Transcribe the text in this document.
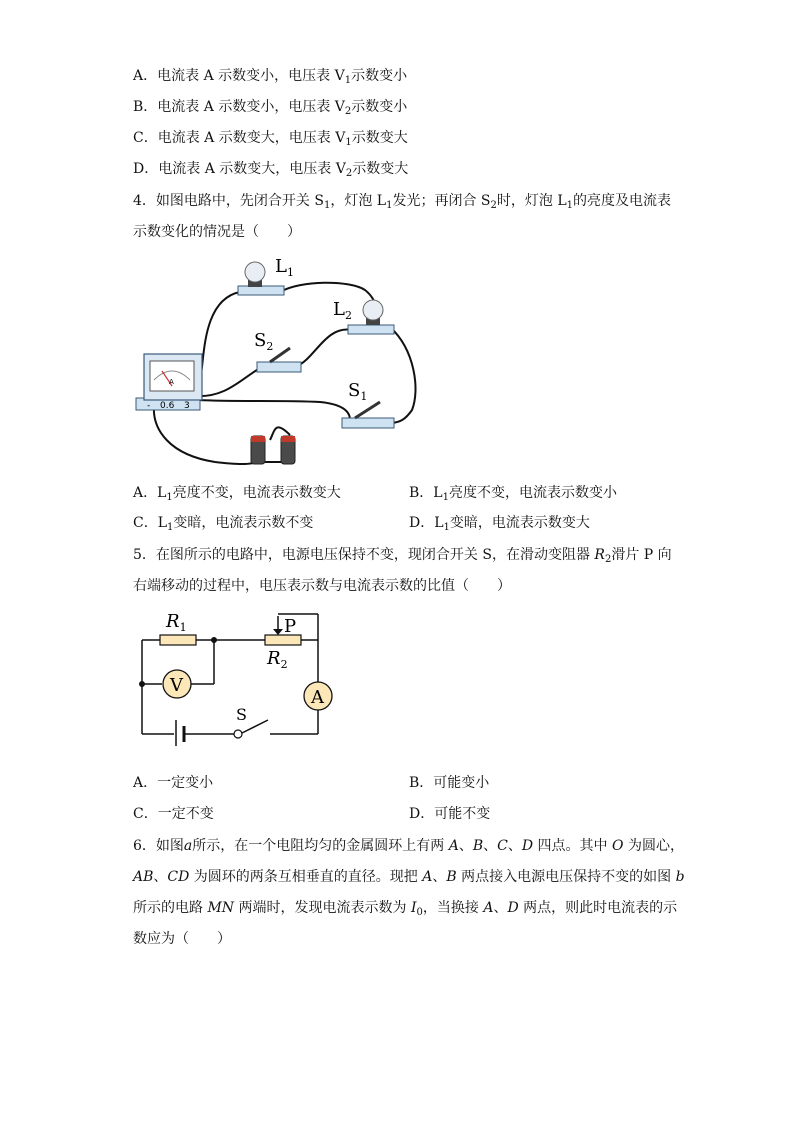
A．电流表 A 示数变小，电压表 $V_1$示数变小
B．电流表 A 示数变小，电压表 $V_2$示数变小
C．电流表 A 示数变大，电压表 $V_1$示数变大
D．电流表 A 示数变大，电压表 $V_2$示数变大
4．如图电路中，先闭合开关 $S_1$，灯泡 $L_1$发光；再闭合 $S_2$时，灯泡 $L_1$的亮度及电流表
示数变化的情况是（　　）
$L_1$
$L_2$
$S_2$
$S_1$
A
- 0.6 3
A．$L_1$亮度不变，电流表示数变大	B．$L_1$亮度不变，电流表示数变小
C．$L_1$变暗，电流表示数不变	D．$L_1$变暗，电流表示数变大
5．在图所示的电路中，电源电压保持不变，现闭合开关 S，在滑动变阻器 $R_2$滑片 P 向
右端移动的过程中，电压表示数与电流表示数的比值（　　）
$R_1$	P
$R_2$
V
A
S
A．一定变小	B．可能变小
C．一定不变	D．可能不变
6．如图a所示，在一个电阻均匀的金属圆环上有两 A、B、C、D 四点。其中 O 为圆心，
AB、CD 为圆环的两条互相垂直的直径。现把 A、B 两点接入电源电压保持不变的如图 b
所示的电路 MN 两端时，发现电流表示数为 $I_0$，当换接 A、D 两点，则此时电流表的示
数应为（　　）
